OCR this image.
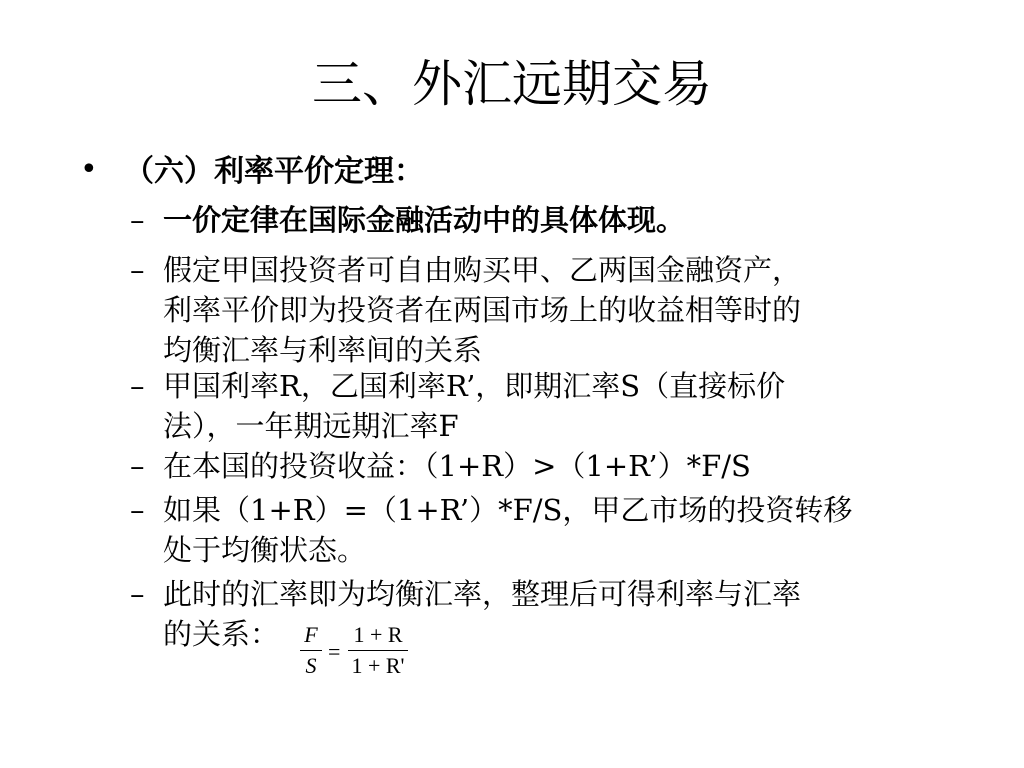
三、外汇远期交易
• （六）利率平价定理：
– 一价定律在国际金融活动中的具体体现。
– 假定甲国投资者可自由购买甲、乙两国金融资产，
利率平价即为投资者在两国市场上的收益相等时的
均衡汇率与利率间的关系
– 甲国利率R，乙国利率R’，即期汇率S（直接标价
法），一年期远期汇率F
– 在本国的投资收益：（1+R）>（1+R’）*F/S
– 如果（1+R）=（1+R’）*F/S，甲乙市场的投资转移
处于均衡状态。
– 此时的汇率即为均衡汇率，整理后可得利率与汇率
的关系：	F
S
=
1 + R
1 + R'
